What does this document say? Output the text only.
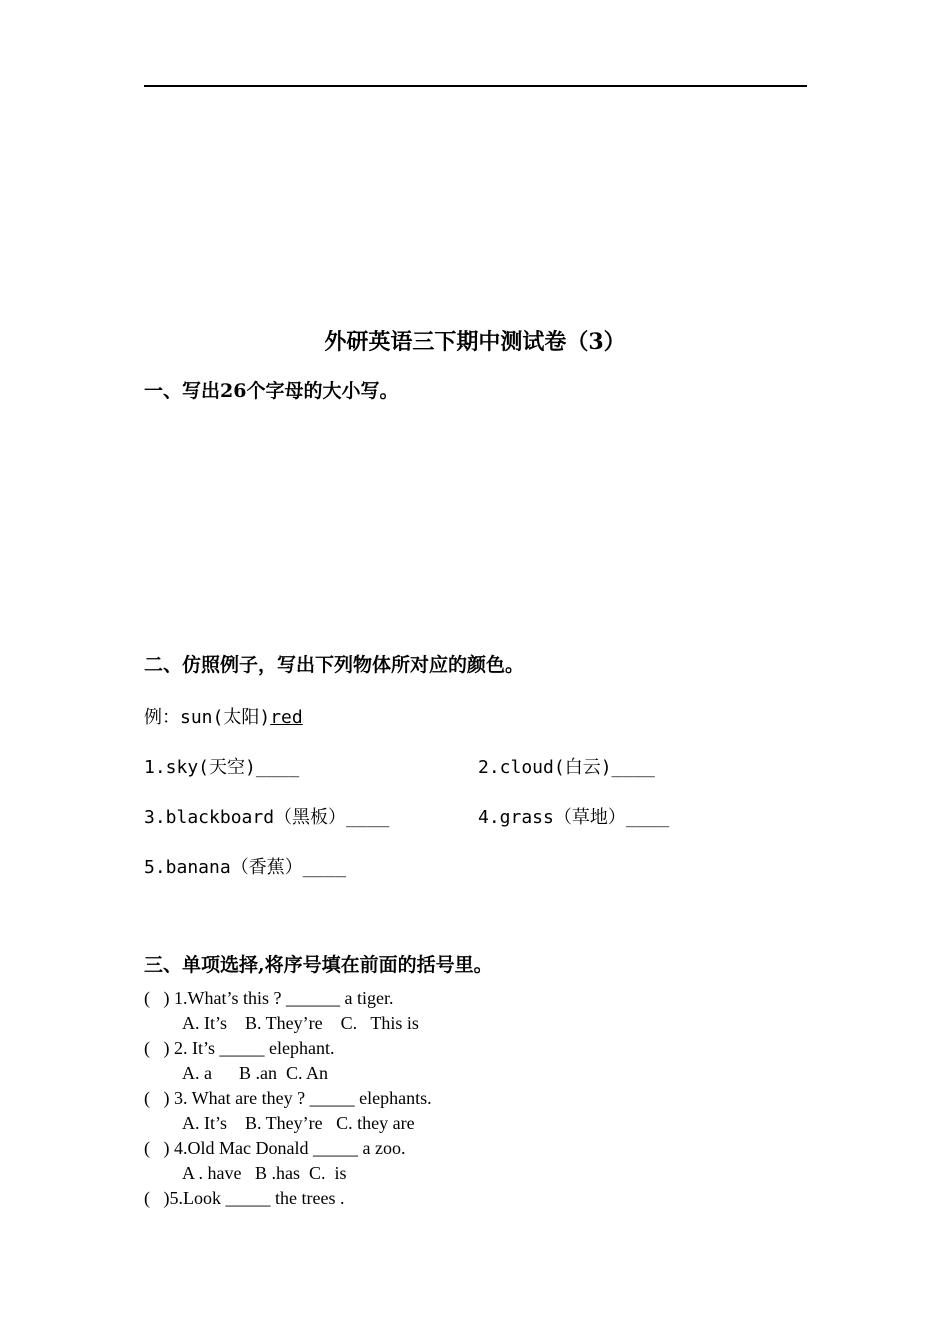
外研英语三下期中测试卷（3）
一、写出26个字母的大小写。
二、仿照例子，写出下列物体所对应的颜色。
例：sun(太阳)red
1.sky(天空)____	2.cloud(白云)____
3.blackboard（黑板）____	4.grass（草地）____
5.banana（香蕉）____
三、单项选择,将序号填在前面的括号里。
(   ) 1.What’s this ? ______ a tiger.
A. It’s    B. They’re    C.   This is
(   ) 2. It’s _____ elephant.
A. a      B .an  C. An
(   ) 3. What are they ? _____ elephants.
A. It’s    B. They’re   C. they are
(   ) 4.Old Mac Donald _____ a zoo.
A . have   B .has  C.  is
(   )5.Look _____ the trees .
